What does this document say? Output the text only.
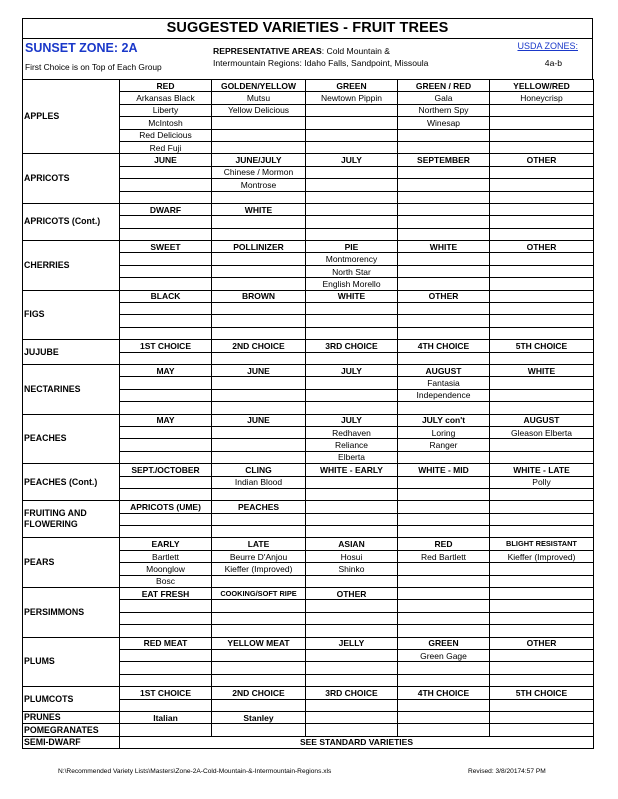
SUGGESTED VARIETIES - FRUIT TREES
SUNSET ZONE: 2A
First Choice is on Top of Each Group
REPRESENTATIVE AREAS: Cold Mountain &
Intermountain Regions: Idaho Falls, Sandpoint, Missoula
USDA ZONES:
4a-b
APPLES	RED	GOLDEN/YELLOW	GREEN	GREEN / RED	YELLOW/RED
	Arkansas Black	Mutsu	Newtown Pippin	Gala	Honeycrisp
	Liberty	Yellow Delicious		Northern Spy	
	McIntosh			Winesap	
	Red Delicious				
	Red Fuji				
APRICOTS	JUNE	JUNE/JULY	JULY	SEPTEMBER	OTHER
		Chinese / Mormon			
		Montrose			

APRICOTS (Cont.)	DWARF	WHITE			

CHERRIES	SWEET	POLLINIZER	PIE	WHITE	OTHER
			Montmorency		
			North Star		
			English Morello		
FIGS	BLACK	BROWN	WHITE	OTHER	

JUJUBE	1ST CHOICE	2ND CHOICE	3RD CHOICE	4TH CHOICE	5TH CHOICE

NECTARINES	MAY	JUNE	JULY	AUGUST	WHITE
				Fantasia	
				Independence	

PEACHES	MAY	JUNE	JULY	JULY con't	AUGUST
			Redhaven	Loring	Gleason Elberta
			Reliance	Ranger	
			Elberta		
PEACHES (Cont.)	SEPT./OCTOBER	CLING	WHITE - EARLY	WHITE - MID	WHITE - LATE
		Indian Blood			Polly

FRUITING AND FLOWERING	APRICOTS (UME)	PEACHES			

PEARS	EARLY	LATE	ASIAN	RED	BLIGHT RESISTANT
	Bartlett	Beurre D'Anjou	Hosui	Red Bartlett	Kieffer (Improved)
	Moonglow	Kieffer (Improved)	Shinko		
	Bosc				
PERSIMMONS	EAT FRESH	COOKING/SOFT RIPE	OTHER		

PLUMS	RED MEAT	YELLOW MEAT	JELLY	GREEN	OTHER
				Green Gage	

PLUMCOTS	1ST CHOICE	2ND CHOICE	3RD CHOICE	4TH CHOICE	5TH CHOICE

PRUNES	Italian	Stanley			
POMEGRANATES					
SEMI-DWARF	SEE STANDARD VARIETIES				
N:\Recommended Variety Lists\Masters\Zone-2A-Cold-Mountain-&-Intermountain-Regions.xls	Revised: 3/8/20174:57 PM
